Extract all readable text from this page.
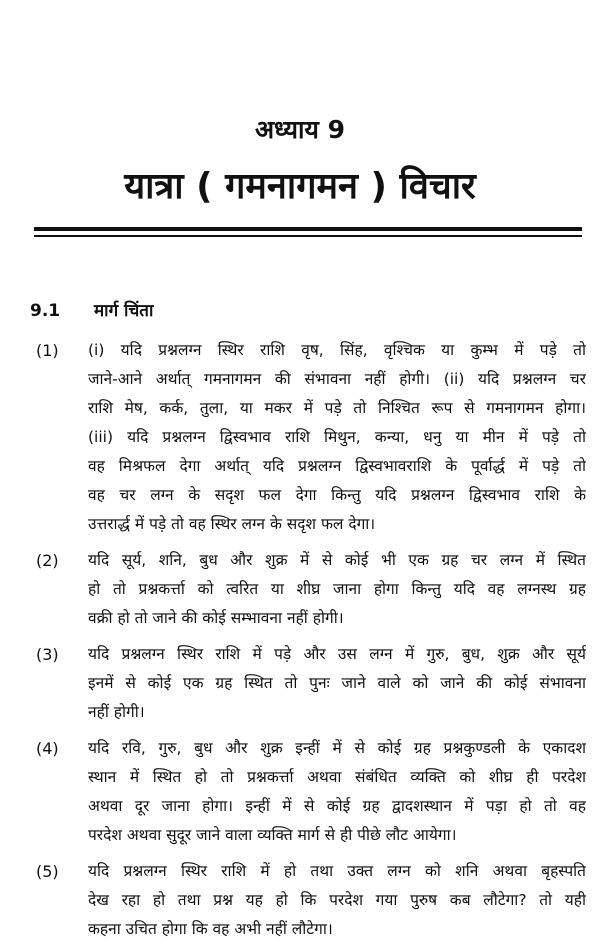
अध्याय 9
यात्रा ( गमनागमन ) विचार
9.1 मार्ग चिंता
(1) (i) यदि प्रश्नलग्न स्थिर राशि वृष, सिंह, वृश्चिक या कुम्भ में पड़े तो
जाने-आने अर्थात् गमनागमन की संभावना नहीं होगी। (ii) यदि प्रश्नलग्न चर
राशि मेष, कर्क, तुला, या मकर में पड़े तो निश्चित रूप से गमनागमन होगा।
(iii) यदि प्रश्नलग्न द्विस्वभाव राशि मिथुन, कन्या, धनु या मीन में पड़े तो
वह मिश्रफल देगा अर्थात् यदि प्रश्नलग्न द्विस्वभावराशि के पूर्वार्द्ध में पड़े तो
वह चर लग्न के सदृश फल देगा किन्तु यदि प्रश्नलग्न द्विस्वभाव राशि के
उत्तरार्द्ध में पड़े तो वह स्थिर लग्न के सदृश फल देगा।
(2) यदि सूर्य, शनि, बुध और शुक्र में से कोई भी एक ग्रह चर लग्न में स्थित
हो तो प्रश्नकर्त्ता को त्वरित या शीघ्र जाना होगा किन्तु यदि वह लग्नस्थ ग्रह
वक्री हो तो जाने की कोई सम्भावना नहीं होगी।
(3) यदि प्रश्नलग्न स्थिर राशि में पड़े और उस लग्न में गुरु, बुध, शुक्र और सूर्य
इनमें से कोई एक ग्रह स्थित तो पुनः जाने वाले को जाने की कोई संभावना
नहीं होगी।
(4) यदि रवि, गुरु, बुध और शुक्र इन्हीं में से कोई ग्रह प्रश्नकुण्डली के एकादश
स्थान में स्थित हो तो प्रश्नकर्त्ता अथवा संबंधित व्यक्ति को शीघ्र ही परदेश
अथवा दूर जाना होगा। इन्हीं में से कोई ग्रह द्वादशस्थान में पड़ा हो तो वह
परदेश अथवा सुदूर जाने वाला व्यक्ति मार्ग से ही पीछे लौट आयेगा।
(5) यदि प्रश्नलग्न स्थिर राशि में हो तथा उक्त लग्न को शनि अथवा बृहस्पति
देख रहा हो तथा प्रश्न यह हो कि परदेश गया पुरुष कब लौटेगा? तो यही
कहना उचित होगा कि वह अभी नहीं लौटेगा।
